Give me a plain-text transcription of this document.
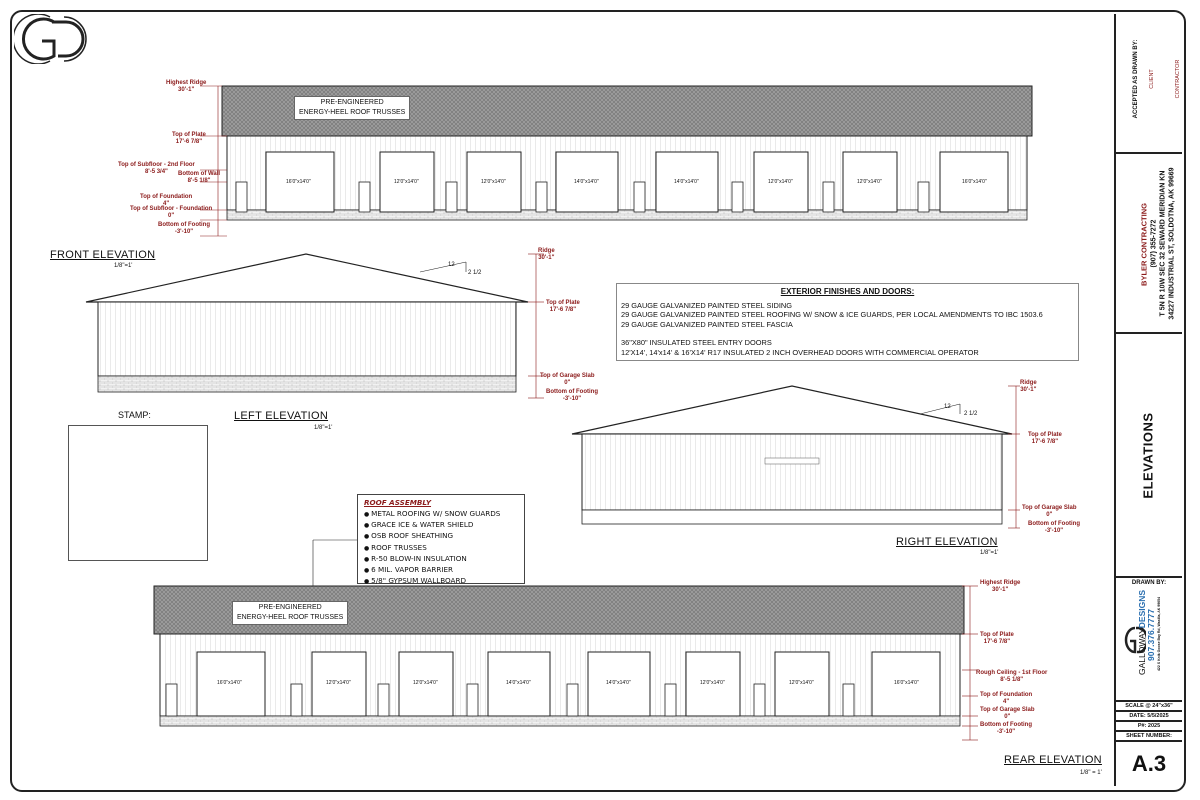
PRE-ENGINEERED
ENERGY-HEEL ROOF TRUSSES
Highest Ridge
30'-1"
Top of Plate
17'-6 7/8"
Top of Subfloor - 2nd Floor
8'-5 3/4"	Bottom of Wall
8'-5 1/8"
Top of Foundation
4"
Top of Subfloor - Foundation
0"
Bottom of Footing
-3'-10"
16'0"x14'0"	12'0"x14'0"	12'0"x14'0"	14'0"x14'0"	14'0"x14'0"	12'0"x14'0"	12'0"x14'0"	16'0"x14'0"
FRONT ELEVATION
1/8"=1'	12
2 1/2
Ridge
30'-1"
Top of Plate
17'-6 7/8"
Top of Garage Slab
0"
Bottom of Footing
-3'-10"
LEFT ELEVATION
1/8"=1'
EXTERIOR FINISHES AND DOORS:
29 GAUGE GALVANIZED PAINTED STEEL SIDING
29 GAUGE GALVANIZED PAINTED STEEL ROOFING W/ SNOW & ICE GUARDS, PER LOCAL AMENDMENTS TO IBC 1503.6
29 GAUGE GALVANIZED PAINTED STEEL FASCIA
36"X80" INSULATED STEEL ENTRY DOORS
12'X14', 14'x14' & 16'X14' R17 INSULATED 2 INCH OVERHEAD DOORS WITH COMMERCIAL OPERATOR
STAMP:
12
2 1/2
Ridge
30'-1"
Top of Plate
17'-6 7/8"
Top of Garage Slab
0"
Bottom of Footing
-3'-10"
RIGHT ELEVATION
1/8"=1'
ROOF ASSEMBLY
● METAL ROOFING W/ SNOW GUARDS
● GRACE ICE & WATER SHIELD
● OSB ROOF SHEATHING
● ROOF TRUSSES
● R-50 BLOW-IN INSULATION
● 6 MIL. VAPOR BARRIER
● 5/8" GYPSUM WALLBOARD
PRE-ENGINEERED
ENERGY-HEEL ROOF TRUSSES
16'0"x14'0"	12'0"x14'0"	12'0"x14'0"	14'0"x14'0"	14'0"x14'0"	12'0"x14'0"	12'0"x14'0"	16'0"x14'0"
Highest Ridge
30'-1"
Top of Plate
17'-6 7/8"
Rough Ceiling - 1st Floor
8'-5 1/8"
Top of Foundation
4"
Top of Garage Slab
0"
Bottom of Footing
-3'-10"
REAR ELEVATION
1/8" = 1'
ACCEPTED AS DRAWN BY: CLIENT	CONTRACTOR
BYLER CONTRACTING (907) 355-7272 T 5N R 10W SEC 32 SEWARD MERIDIAN KN 34227 INDUSTRIAL ST, SOLDOTNA, AK 99669
ELEVATIONS
DRAWN BY:
GALLOWAYDESIGNS 907.376.7777 422 S Knik Goose Bay Rd, Wasilla, AK 99654
SCALE @ 24"x36"
DATE: 5/5/2025
P#: 2025
SHEET NUMBER:
A.3
